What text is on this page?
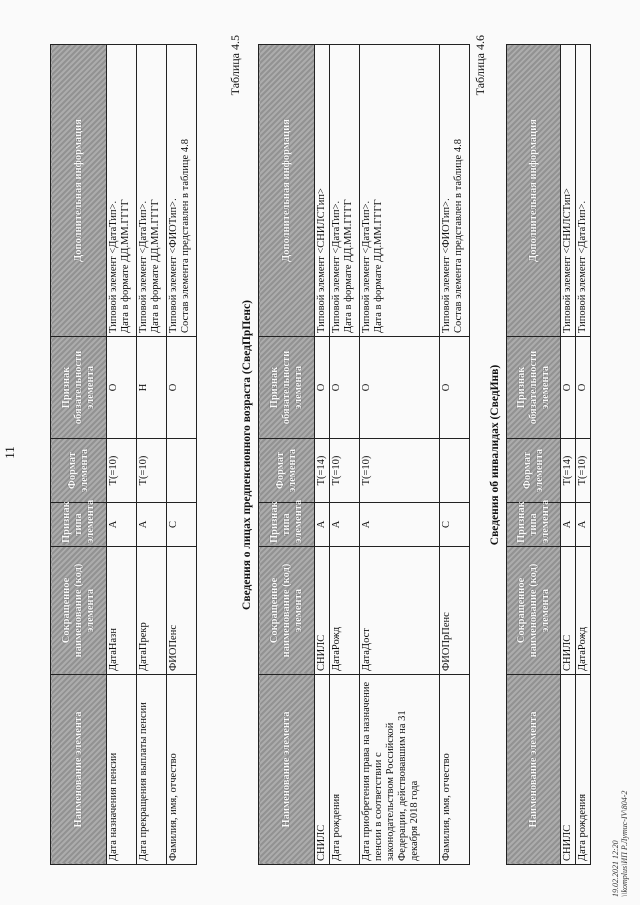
11
Наименование элемента	Сокращенное наименование (код) элемента	Признак типа элемента	Формат элемента	Признак обязательности элемента	Дополнительная информация
Дата назначения пенсии	ДатаНазн	А	T(=10)	О	Типовой элемент <ДатаТип>.
Дата в формате ДД.ММ.ГГГГ
Дата прекращения выплаты пенсии	ДатаПрекр	А	T(=10)	Н	Типовой элемент <ДатаТип>.
Дата в формате ДД.ММ.ГГГГ
Фамилия, имя, отчество	ФИОПенс	С		О	Типовой элемент <ФИОТип>.
Состав элемента представлен в таблице 4.8
Таблица 4.5
Сведения о лицах предпенсионного возраста (СведПрПенс)
Наименование элемента	Сокращенное наименование (код) элемента	Признак типа элемента	Формат элемента	Признак обязательности элемента	Дополнительная информация
СНИЛС	СНИЛС	А	T(=14)	О	Типовой элемент <СНИЛСТип>
Дата рождения	ДатаРожд	А	T(=10)	О	Типовой элемент <ДатаТип>.
Дата в формате ДД.ММ.ГГГГ
Дата приобретения права на назначение пенсии в соответствии с законодательством Российской Федерации, действовавшим на 31 декабря 2018 года	ДатаДост	А	T(=10)	О	Типовой элемент <ДатаТип>.
Дата в формате ДД.ММ.ГГГГ
Фамилия, имя, отчество	ФИОПрПенс	С		О	Типовой элемент <ФИОТип>.
Состав элемента представлен в таблице 4.8
Таблица 4.6
Сведения об инвалидах (СведИнв)
Наименование элемента	Сокращенное наименование (код) элемента	Признак типа элемента	Формат элемента	Признак обязательности элемента	Дополнительная информация
СНИЛС	СНИЛС	А	T(=14)	О	Типовой элемент <СНИЛСТип>
Дата рождения	ДатаРожд	А	T(=10)	О	Типовой элемент <ДатаТип>.
19.02.2021 12:20 \\komplus\ИП Р.Лутис-IV\804-2
